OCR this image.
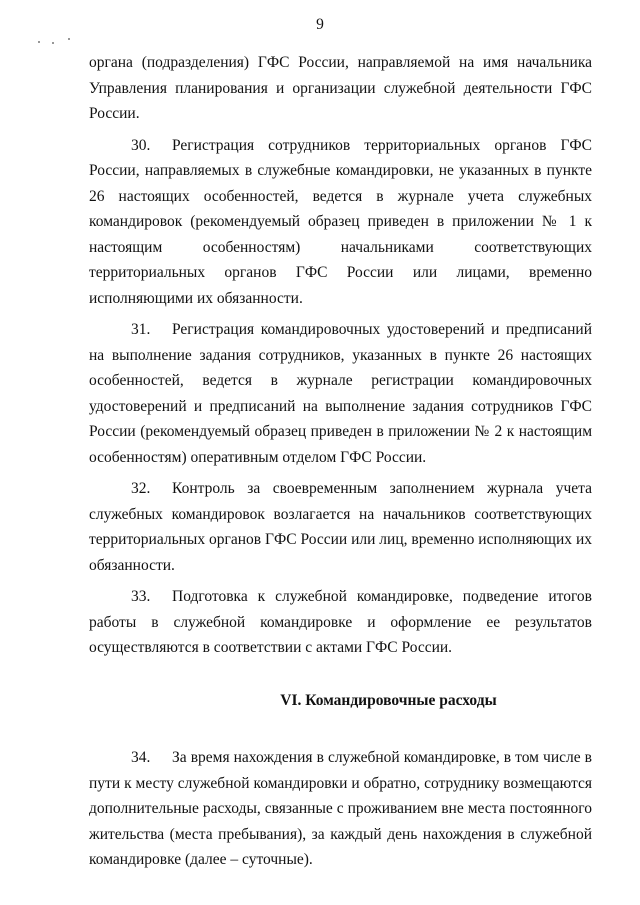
9

органа (подразделения) ГФС России, направляемой на имя начальника Управления планирования и организации служебной деятельности ГФС России.

30. Регистрация сотрудников территориальных органов ГФС России, направляемых в служебные командировки, не указанных в пункте 26 настоящих особенностей, ведется в журнале учета служебных командировок (рекомендуемый образец приведен в приложении № 1 к настоящим особенностям) начальниками соответствующих территориальных органов ГФС России или лицами, временно исполняющими их обязанности.

31. Регистрация командировочных удостоверений и предписаний на выполнение задания сотрудников, указанных в пункте 26 настоящих особенностей, ведется в журнале регистрации командировочных удостоверений и предписаний на выполнение задания сотрудников ГФС России (рекомендуемый образец приведен в приложении № 2 к настоящим особенностям) оперативным отделом ГФС России.

32. Контроль за своевременным заполнением журнала учета служебных командировок возлагается на начальников соответствующих территориальных органов ГФС России или лиц, временно исполняющих их обязанности.

33. Подготовка к служебной командировке, подведение итогов работы в служебной командировке и оформление ее результатов осуществляются в соответствии с актами ГФС России.

VI. Командировочные расходы

34. За время нахождения в служебной командировке, в том числе в пути к месту служебной командировки и обратно, сотруднику возмещаются дополнительные расходы, связанные с проживанием вне места постоянного жительства (места пребывания), за каждый день нахождения в служебной командировке (далее – суточные).
